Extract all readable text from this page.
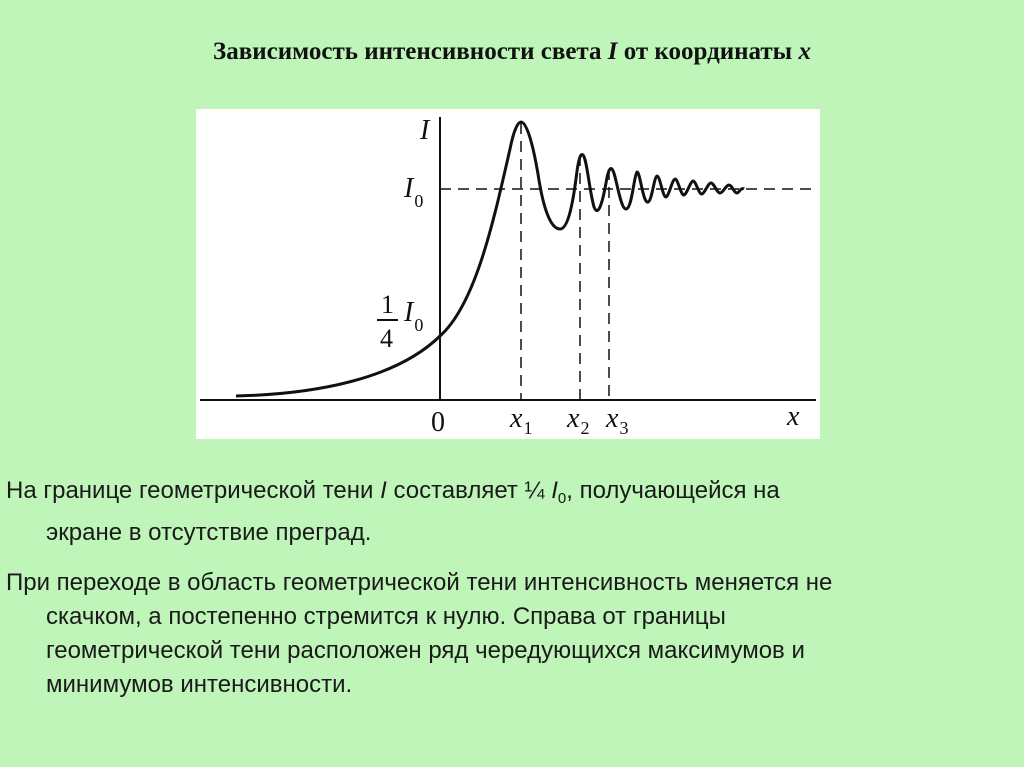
Зависимость интенсивности света I от координаты x
I
$I_0$
1
4
$I_0$
0 $x_1$ $x_2$ $x_3$	x
На границе геометрической тени I составляет ¼ $I_0$, получающейся на
экране в отсутствие преград.
При переходе в область геометрической тени интенсивность меняется не
скачком, а постепенно стремится к нулю. Справа от границы
геометрической тени расположен ряд чередующихся максимумов и
минимумов интенсивности.
